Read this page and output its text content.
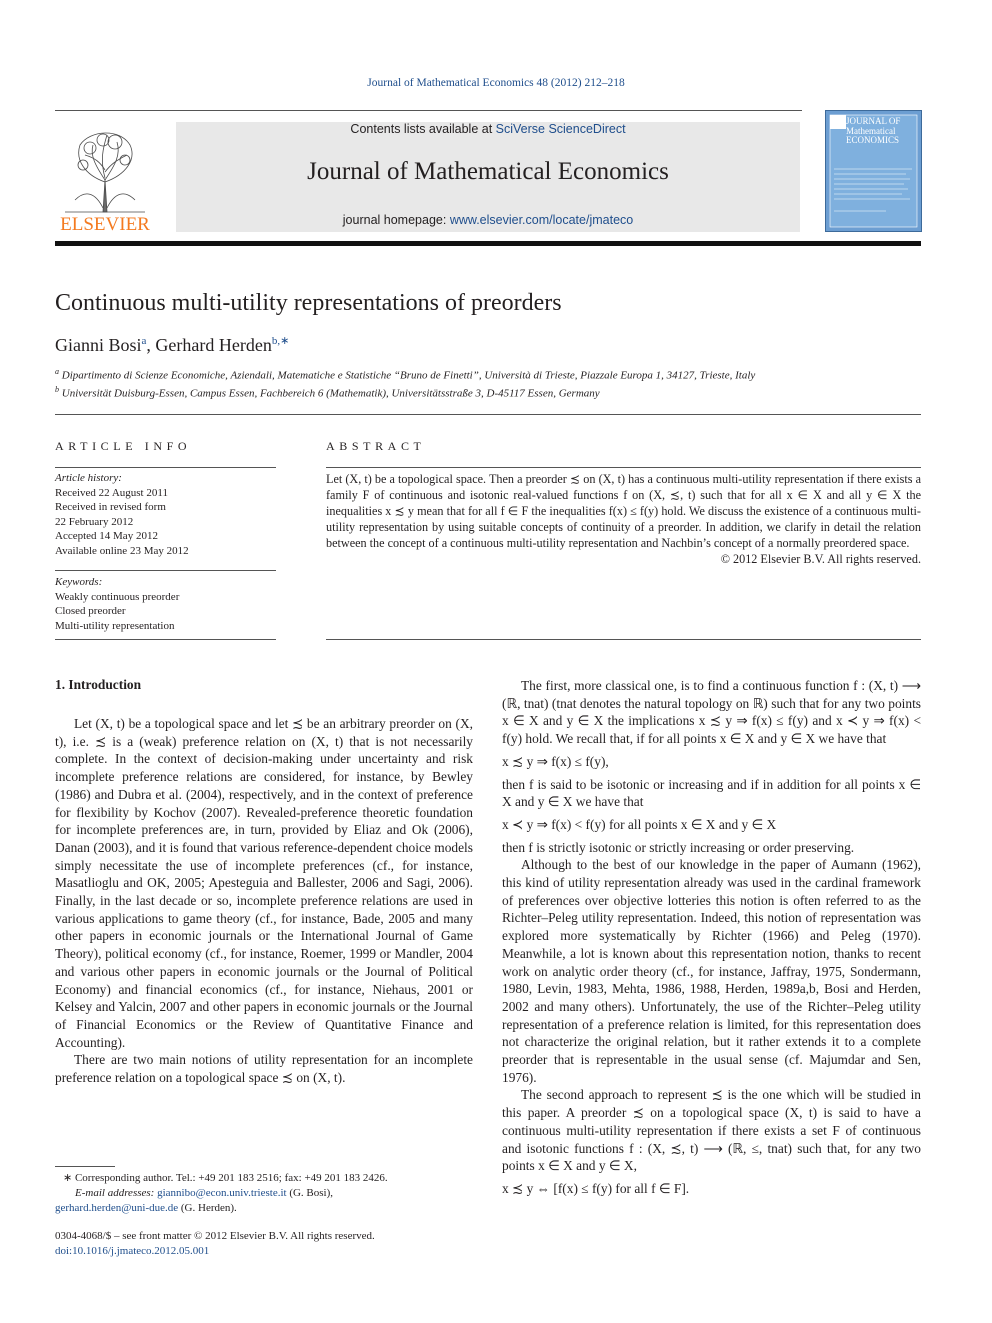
Journal of Mathematical Economics 48 (2012) 212–218
ELSEVIER
Contents lists available at SciVerse ScienceDirect
Journal of Mathematical Economics
journal homepage: www.elsevier.com/locate/jmateco
JOURNAL OF Mathematical ECONOMICS
Continuous multi-utility representations of preorders
Gianni Bosi$^a$, Gerhard Herden$^{b,∗}$
$^a$ Dipartimento di Scienze Economiche, Aziendali, Matematiche e Statistiche “Bruno de Finetti”, Università di Trieste, Piazzale Europa 1, 34127, Trieste, Italy
$^b$ Universität Duisburg-Essen, Campus Essen, Fachbereich 6 (Mathematik), Universitätsstraße 3, D-45117 Essen, Germany
ARTICLE INFO
Article history:
Received 22 August 2011
Received in revised form
22 February 2012
Accepted 14 May 2012
Available online 23 May 2012
Keywords:
Weakly continuous preorder
Closed preorder
Multi-utility representation
ABSTRACT
Let (X, t) be a topological space. Then a preorder ≾ on (X, t) has a continuous multi-utility representation if there exists a family F of continuous and isotonic real-valued functions f on (X, ≾, t) such that for all x ∈ X and all y ∈ X the inequalities x ≾ y mean that for all f ∈ F the inequalities f(x) ≤ f(y) hold. We discuss the existence of a continuous multi-utility representation by using suitable concepts of continuity of a preorder. In addition, we clarify in detail the relation between the concept of a continuous multi-utility representation and Nachbin’s concept of a normally preordered space.
© 2012 Elsevier B.V. All rights reserved.
1. Introduction

Let (X, t) be a topological space and let ≾ be an arbitrary preorder on (X, t), i.e. ≾ is a (weak) preference relation on (X, t) that is not necessarily complete. In the context of decision-making under uncertainty and risk incomplete preference relations are considered, for instance, by Bewley (1986) and Dubra et al. (2004), respectively, and in the context of preference for flexibility by Kochov (2007). Revealed-preference theoretic foundation for incomplete preferences are, in turn, provided by Eliaz and Ok (2006), Danan (2003), and it is found that various reference-dependent choice models simply necessitate the use of incomplete preferences (cf., for instance, Masatlioglu and OK, 2005; Apesteguia and Ballester, 2006 and Sagi, 2006). Finally, in the last decade or so, incomplete preference relations are used in various applications to game theory (cf., for instance, Bade, 2005 and many other papers in economic journals or the International Journal of Game Theory), political economy (cf., for instance, Roemer, 1999 or Mandler, 2004 and various other papers in economic journals or the Journal of Political Economy) and financial economics (cf., for instance, Niehaus, 2001 or Kelsey and Yalcin, 2007 and other papers in economic journals or the Journal of Financial Economics or the Review of Quantitative Finance and Accounting).

There are two main notions of utility representation for an incomplete preference relation on a topological space ≾ on (X, t).

The first, more classical one, is to find a continuous function f : (X, t) ⟶ (ℝ, tnat) (tnat denotes the natural topology on ℝ) such that for any two points x ∈ X and y ∈ X the implications x ≾ y ⇒ f(x) ≤ f(y) and x ≺ y ⇒ f(x) < f(y) hold. We recall that, if for all points x ∈ X and y ∈ X we have that

x ≾ y ⇒ f(x) ≤ f(y),

then f is said to be isotonic or increasing and if in addition for all points x ∈ X and y ∈ X we have that

x ≺ y ⇒ f(x) < f(y) for all points x ∈ X and y ∈ X

then f is strictly isotonic or strictly increasing or order preserving.

Although to the best of our knowledge in the paper of Aumann (1962), this kind of utility representation already was used in the cardinal framework of preferences over objective lotteries this notion is often referred to as the Richter–Peleg utility representation. Indeed, this notion of representation was explored more systematically by Richter (1966) and Peleg (1970). Meanwhile, a lot is known about this representation notion, thanks to recent work on analytic order theory (cf., for instance, Jaffray, 1975, Sondermann, 1980, Levin, 1983, Mehta, 1986, 1988, Herden, 1989a,b, Bosi and Herden, 2002 and many others). Unfortunately, the use of the Richter–Peleg utility representation of a preference relation is limited, for this representation does not characterize the original relation, but it rather extends it to a complete preorder that is representable in the usual sense (cf. Majumdar and Sen, 1976).

The second approach to represent ≾ is the one which will be studied in this paper. A preorder ≾ on a topological space (X, t) is said to have a continuous multi-utility representation if there exists a set F of continuous and isotonic functions f : (X, ≾, t) ⟶ (ℝ, ≤, tnat) such that, for any two points x ∈ X and y ∈ X,

x ≾ y ⇔ [f(x) ≤ f(y) for all f ∈ F].
∗ Corresponding author. Tel.: +49 201 183 2516; fax: +49 201 183 2426.
E-mail addresses: giannibo@econ.univ.trieste.it (G. Bosi),
gerhard.herden@uni-due.de (G. Herden).
0304-4068/$ – see front matter © 2012 Elsevier B.V. All rights reserved.
doi:10.1016/j.jmateco.2012.05.001
